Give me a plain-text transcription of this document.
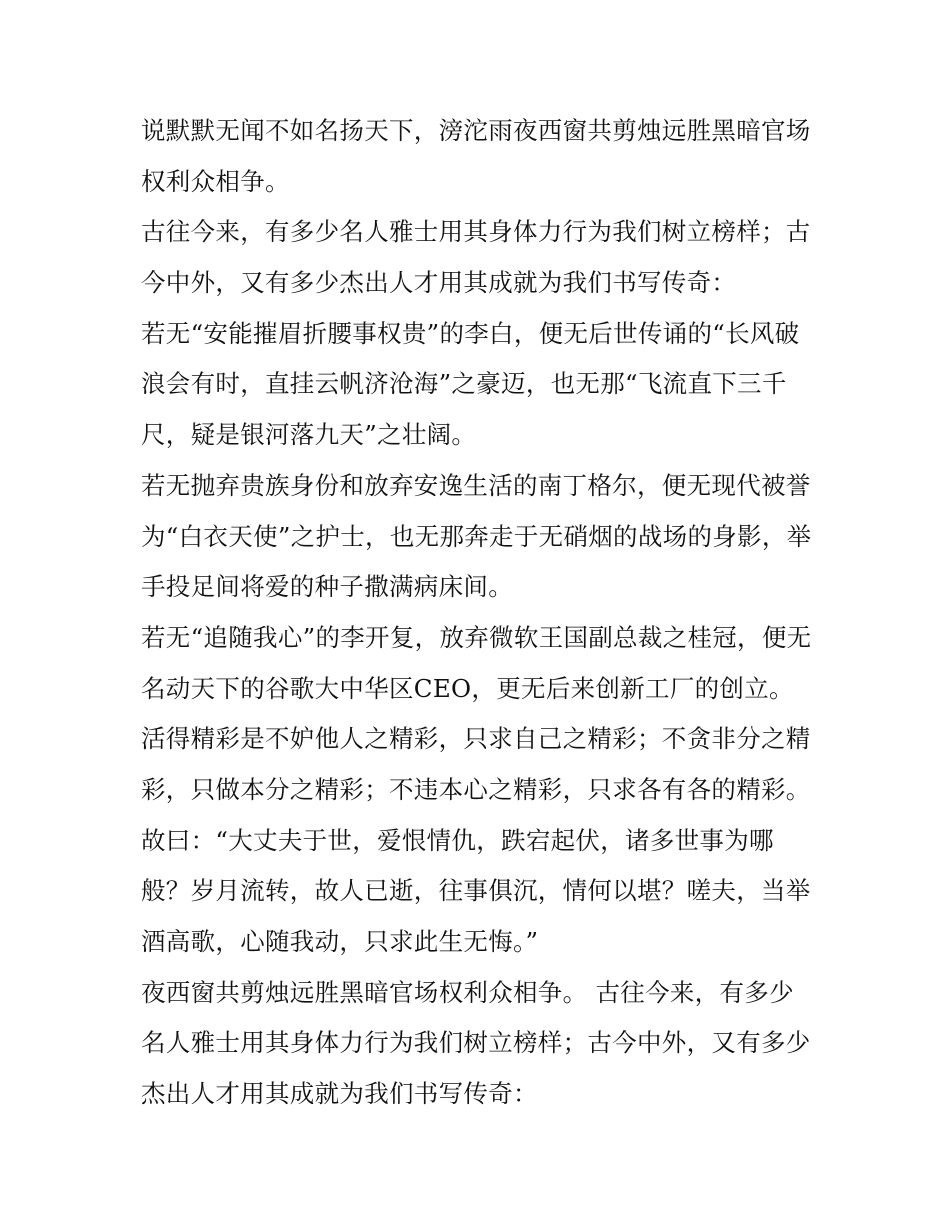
说默默无闻不如名扬天下，滂沱雨夜西窗共剪烛远胜黑暗官场
权利众相争。
古往今来，有多少名人雅士用其身体力行为我们树立榜样；古
今中外，又有多少杰出人才用其成就为我们书写传奇：
若无“安能摧眉折腰事权贵”的李白，便无后世传诵的“长风破
浪会有时，直挂云帆济沧海”之豪迈，也无那“飞流直下三千
尺，疑是银河落九天”之壮阔。
若无抛弃贵族身份和放弃安逸生活的南丁格尔，便无现代被誉
为“白衣天使”之护士，也无那奔走于无硝烟的战场的身影，举
手投足间将爱的种子撒满病床间。
若无“追随我心”的李开复，放弃微软王国副总裁之桂冠，便无
名动天下的谷歌大中华区CEO，更无后来创新工厂的创立。
活得精彩是不妒他人之精彩，只求自己之精彩；不贪非分之精
彩，只做本分之精彩；不违本心之精彩，只求各有各的精彩。
故曰：“大丈夫于世，爱恨情仇，跌宕起伏，诸多世事为哪
般？岁月流转，故人已逝，往事俱沉，情何以堪？嗟夫，当举
酒高歌，心随我动，只求此生无悔。”
夜西窗共剪烛远胜黑暗官场权利众相争。 古往今来，有多少
名人雅士用其身体力行为我们树立榜样；古今中外，又有多少
杰出人才用其成就为我们书写传奇：
